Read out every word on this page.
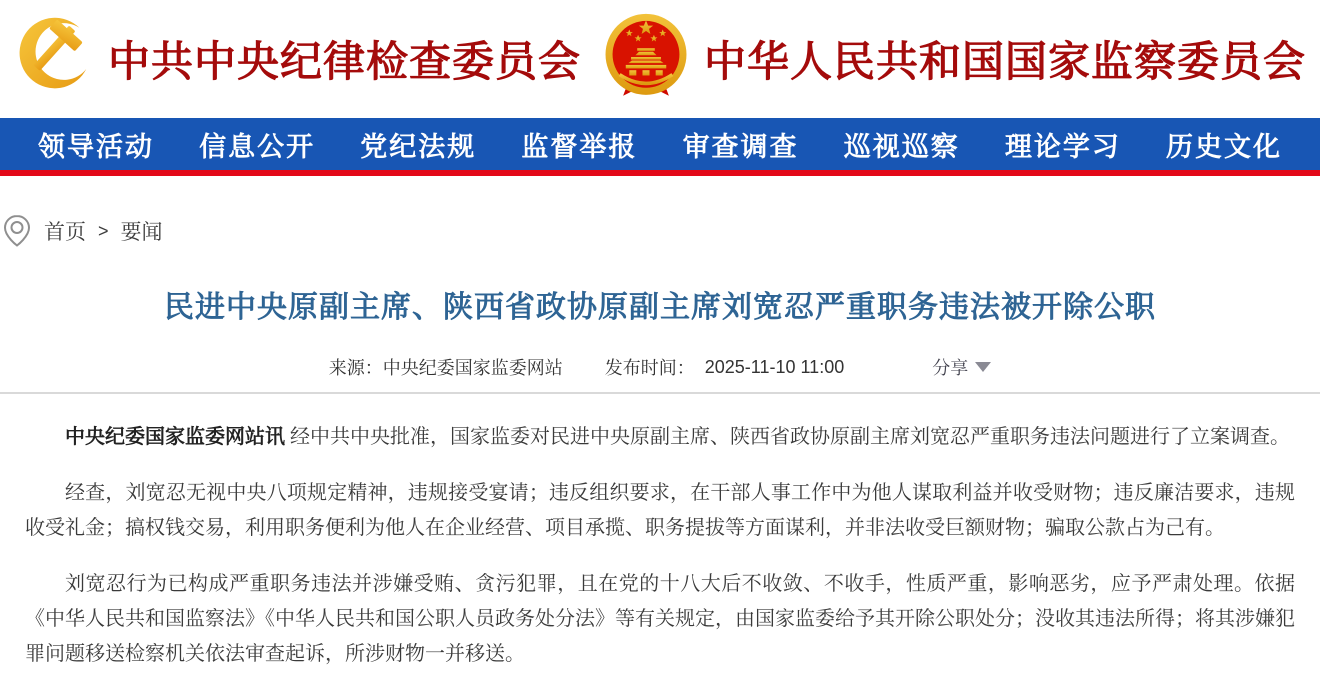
中共中央纪律检查委员会	中华人民共和国国家监察委员会
领导活动 信息公开 党纪法规 监督举报 审查调查 巡视巡察 理论学习 历史文化
首页 > 要闻
民进中央原副主席、陕西省政协原副主席刘宽忍严重职务违法被开除公职
来源： 中央纪委国家监委网站 发布时间： 2025-11-10 11:00	分享

中央纪委国家监委网站讯 经中共中央批准，国家监委对民进中央原副主席、陕西省政协原副主席刘宽忍严重职务违法问题进行了立案调查。

经查，刘宽忍无视中央八项规定精神，违规接受宴请；违反组织要求，在干部人事工作中为他人谋取利益并收受财物；违反廉洁要求，违规收受礼金；搞权钱交易，利用职务便利为他人在企业经营、项目承揽、职务提拔等方面谋利，并非法收受巨额财物；骗取公款占为己有。

刘宽忍行为已构成严重职务违法并涉嫌受贿、贪污犯罪，且在党的十八大后不收敛、不收手，性质严重，影响恶劣，应予严肃处理。依据《中华人民共和国监察法》《中华人民共和国公职人员政务处分法》等有关规定，由国家监委给予其开除公职处分；没收其违法所得；将其涉嫌犯罪问题移送检察机关依法审查起诉，所涉财物一并移送。
